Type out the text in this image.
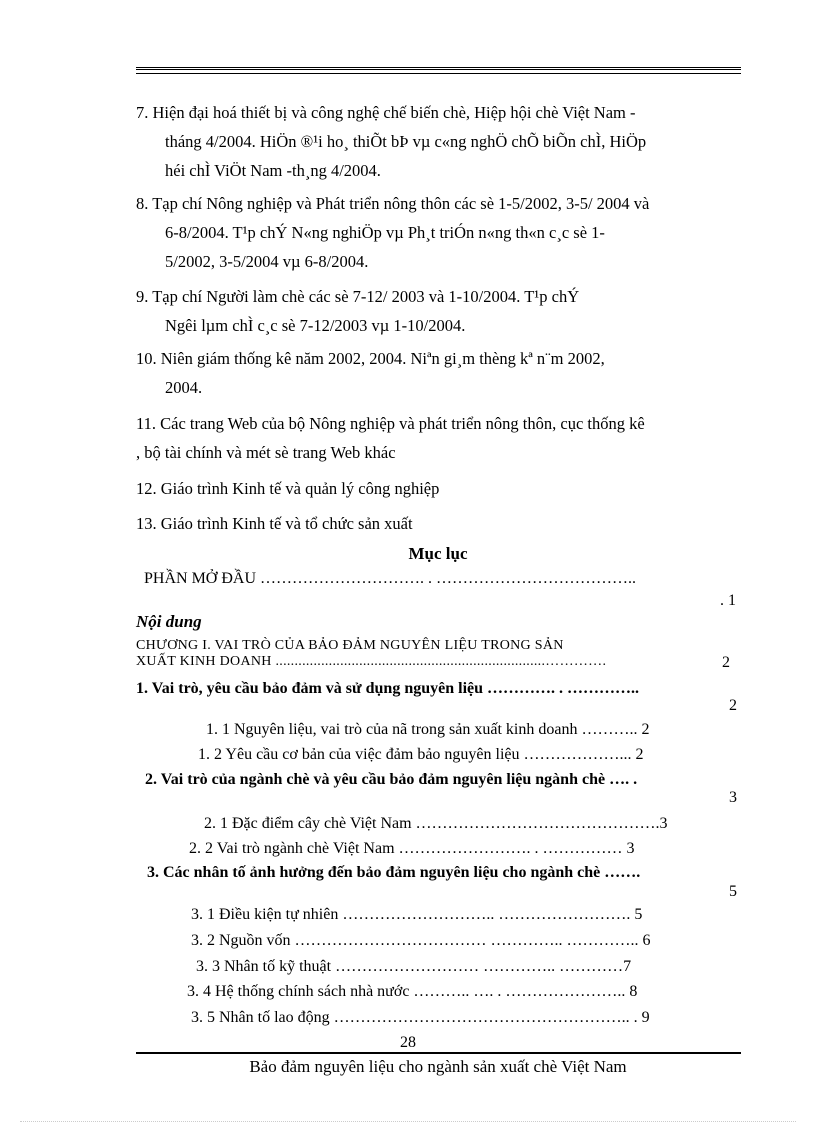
7. Hiện đại hoá thiết bị và công nghệ chế biến chè, Hiệp hội chè Việt Nam -
tháng 4/2004. HiÖn ®¹i ho¸ thiÕt bÞ vµ c«ng nghÖ chÕ biÕn chÌ, HiÖp
héi chÌ ViÖt Nam -th¸ng 4/2004.
8. Tạp chí Nông nghiệp và Phát triển nông thôn các sè 1-5/2002, 3-5/ 2004 và
6-8/2004. T¹p chÝ N«ng nghiÖp vµ Ph¸t triÓn n«ng th«n c¸c sè 1-
5/2002, 3-5/2004 vµ 6-8/2004.
9. Tạp chí Người làm chè các sè 7-12/ 2003 và 1-10/2004. T¹p chÝ
Ngêi lµm chÌ c¸c sè 7-12/2003 vµ 1-10/2004.
10. Niên giám thống kê năm 2002, 2004. Niªn gi¸m thèng kª n¨m 2002,
2004.
11. Các trang Web của bộ Nông nghiệp và phát triển nông thôn, cục thống kê
, bộ tài chính và mét sè trang Web khác
12. Giáo trình Kinh tế và quản lý công nghiệp
13. Giáo trình Kinh tế và tổ chức sản xuất
Mục lục
PHẦN MỞ ĐẦU …………………………. . ………………………………..
. 1
Nội dung
CHƯƠNG I. VAI TRÒ CỦA BẢO ĐẢM NGUYÊN LIỆU TRONG SẢN
XUẤT KINH DOANH .......................................................................………….	2
1. Vai trò, yêu cầu bảo đảm và sử dụng nguyên liệu …………. . …………..
2
1. 1 Nguyên liệu, vai trò của nã trong sản xuất kinh doanh ……….. 2
1. 2 Yêu cầu cơ bản của việc đảm bảo nguyên liệu ………………... 2
2. Vai trò của ngành chè và yêu cầu bảo đảm nguyên liệu ngành chè …. .
3
2. 1 Đặc điểm cây chè Việt Nam ……………………………………….3
2. 2 Vai trò ngành chè Việt Nam ……………………. . …………… 3
3. Các nhân tố ảnh hưởng đến bảo đảm nguyên liệu cho ngành chè …….
5
3. 1 Điều kiện tự nhiên ……………………….. ……………………. 5
3. 2 Nguồn vốn ……………………………… ………….. ………….. 6
3. 3 Nhân tố kỹ thuật ……………………… ………….. …………7
3. 4 Hệ thống chính sách nhà nước ……….. …. . ………………….. 8
3. 5 Nhân tố lao động ……………………………………………….. . 9
28
Bảo đảm nguyên liệu cho ngành sản xuất chè Việt Nam
